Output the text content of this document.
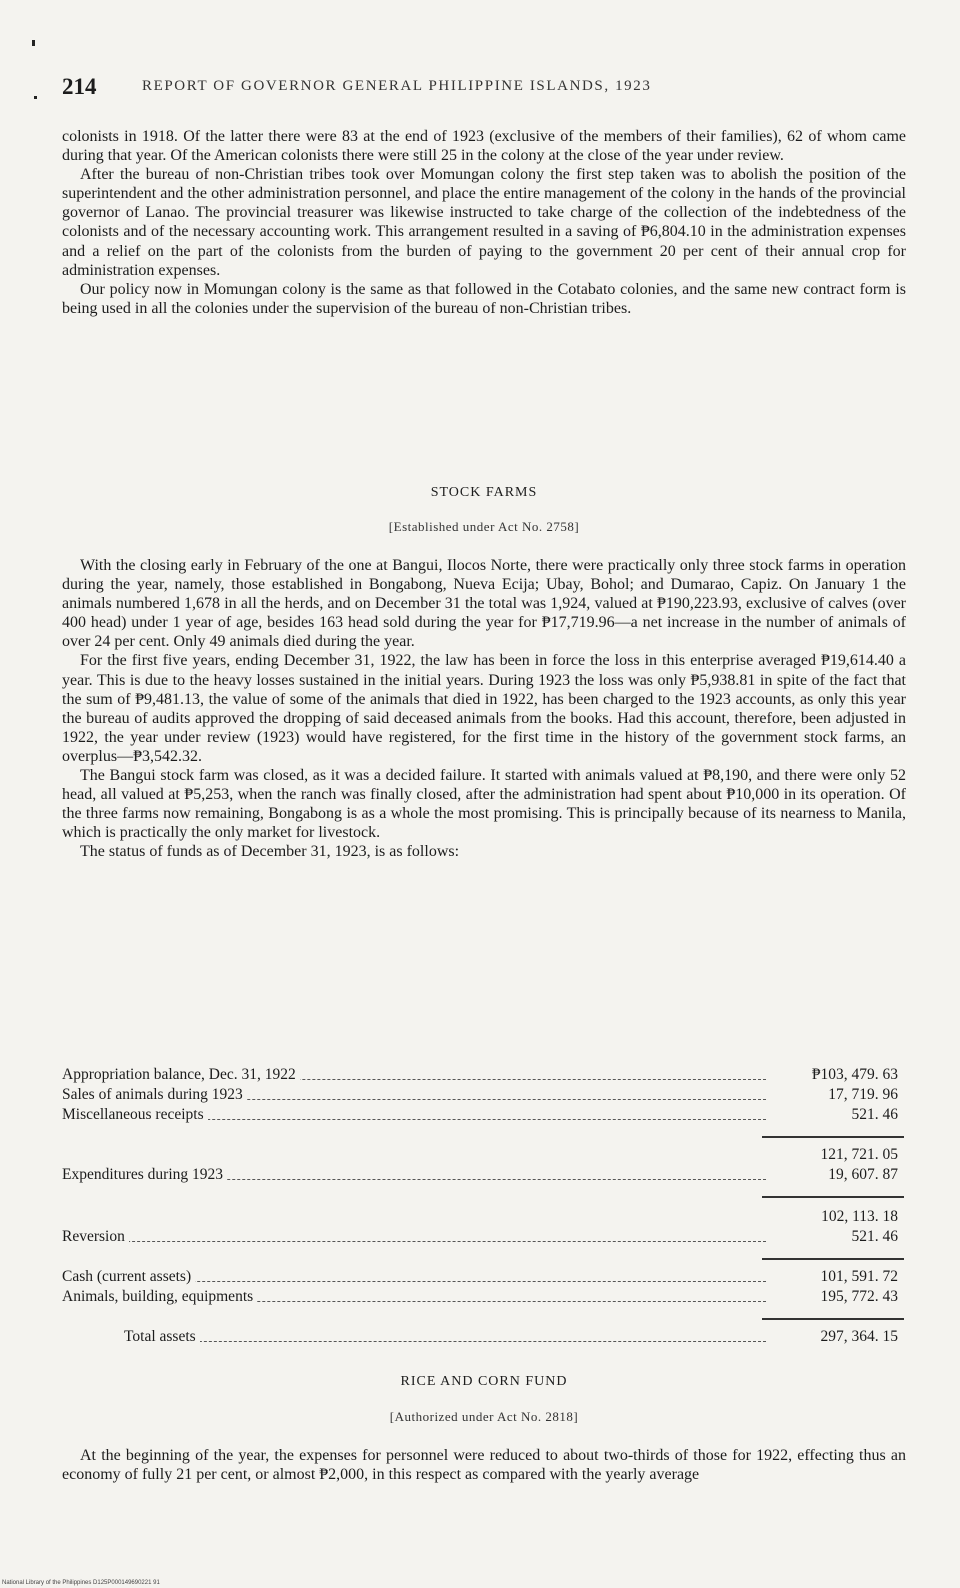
214	REPORT OF GOVERNOR GENERAL PHILIPPINE ISLANDS, 1923

colonists in 1918. Of the latter there were 83 at the end of 1923 (exclusive of the members of their families), 62 of whom came during that year. Of the American colonists there were still 25 in the colony at the close of the year under review.

After the bureau of non-Christian tribes took over Momungan colony the first step taken was to abolish the position of the superintendent and the other administration personnel, and place the entire management of the colony in the hands of the provincial governor of Lanao. The provincial treasurer was likewise instructed to take charge of the collection of the indebtedness of the colonists and of the necessary accounting work. This arrangement resulted in a saving of ₱6,804.10 in the administration expenses and a relief on the part of the colonists from the burden of paying to the government 20 per cent of their annual crop for administration expenses.

Our policy now in Momungan colony is the same as that followed in the Cotabato colonies, and the same new contract form is being used in all the colonies under the supervision of the bureau of non-Christian tribes.

STOCK FARMS
[Established under Act No. 2758]

With the closing early in February of the one at Bangui, Ilocos Norte, there were practically only three stock farms in operation during the year, namely, those established in Bongabong, Nueva Ecija; Ubay, Bohol; and Dumarao, Capiz. On January 1 the animals numbered 1,678 in all the herds, and on December 31 the total was 1,924, valued at ₱190,223.93, exclusive of calves (over 400 head) under 1 year of age, besides 163 head sold during the year for ₱17,719.96—a net increase in the number of animals of over 24 per cent. Only 49 animals died during the year.

For the first five years, ending December 31, 1922, the law has been in force the loss in this enterprise averaged ₱19,614.40 a year. This is due to the heavy losses sustained in the initial years. During 1923 the loss was only ₱5,938.81 in spite of the fact that the sum of ₱9,481.13, the value of some of the animals that died in 1922, has been charged to the 1923 accounts, as only this year the bureau of audits approved the dropping of said deceased animals from the books. Had this account, therefore, been adjusted in 1922, the year under review (1923) would have registered, for the first time in the history of the government stock farms, an overplus—₱3,542.32.

The Bangui stock farm was closed, as it was a decided failure. It started with animals valued at ₱8,190, and there were only 52 head, all valued at ₱5,253, when the ranch was finally closed, after the administration had spent about ₱10,000 in its operation. Of the three farms now remaining, Bongabong is as a whole the most promising. This is principally because of its nearness to Manila, which is practically the only market for livestock.

The status of funds as of December 31, 1923, is as follows:

Appropriation balance, Dec. 31, 1922	₱103, 479. 63
Sales of animals during 1923	17, 719. 96
Miscellaneous receipts	521. 46
121, 721. 05
Expenditures during 1923	19, 607. 87
102, 113. 18
Reversion	521. 46
Cash (current assets)	101, 591. 72
Animals, building, equipments	195, 772. 43
Total assets	297, 364. 15
RICE AND CORN FUND
[Authorized under Act No. 2818]

At the beginning of the year, the expenses for personnel were reduced to about two-thirds of those for 1922, effecting thus an economy of fully 21 per cent, or almost ₱2,000, in this respect as compared with the yearly average

National Library of the Philippines D125P000149690221 91
